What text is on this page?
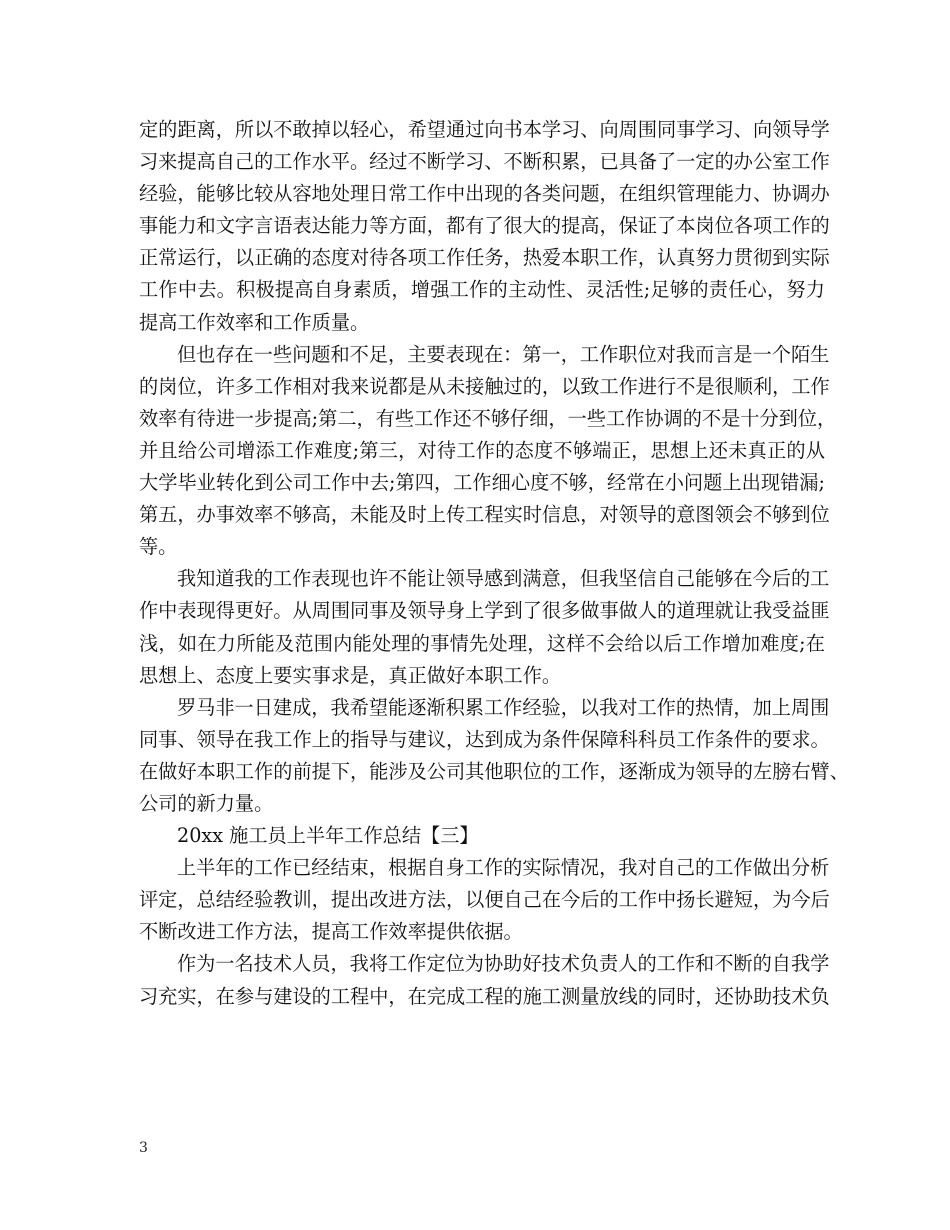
定的距离，所以不敢掉以轻心，希望通过向书本学习、向周围同事学习、向领导学
习来提高自己的工作水平。经过不断学习、不断积累，已具备了一定的办公室工作
经验，能够比较从容地处理日常工作中出现的各类问题，在组织管理能力、协调办
事能力和文字言语表达能力等方面，都有了很大的提高，保证了本岗位各项工作的
正常运行，以正确的态度对待各项工作任务，热爱本职工作，认真努力贯彻到实际
工作中去。积极提高自身素质，增强工作的主动性、灵活性;足够的责任心，努力
提高工作效率和工作质量。
但也存在一些问题和不足，主要表现在：第一，工作职位对我而言是一个陌生
的岗位，许多工作相对我来说都是从未接触过的，以致工作进行不是很顺利，工作
效率有待进一步提高;第二，有些工作还不够仔细，一些工作协调的不是十分到位，
并且给公司增添工作难度;第三，对待工作的态度不够端正，思想上还未真正的从
大学毕业转化到公司工作中去;第四，工作细心度不够，经常在小问题上出现错漏;
第五，办事效率不够高，未能及时上传工程实时信息，对领导的意图领会不够到位
等。
我知道我的工作表现也许不能让领导感到满意，但我坚信自己能够在今后的工
作中表现得更好。从周围同事及领导身上学到了很多做事做人的道理就让我受益匪
浅，如在力所能及范围内能处理的事情先处理，这样不会给以后工作增加难度;在
思想上、态度上要实事求是，真正做好本职工作。
罗马非一日建成，我希望能逐渐积累工作经验，以我对工作的热情，加上周围
同事、领导在我工作上的指导与建议，达到成为条件保障科科员工作条件的要求。
在做好本职工作的前提下，能涉及公司其他职位的工作，逐渐成为领导的左膀右臂、
公司的新力量。
20xx 施工员上半年工作总结【三】
上半年的工作已经结束，根据自身工作的实际情况，我对自己的工作做出分析
评定，总结经验教训，提出改进方法，以便自己在今后的工作中扬长避短，为今后
不断改进工作方法，提高工作效率提供依据。
作为一名技术人员，我将工作定位为协助好技术负责人的工作和不断的自我学
习充实，在参与建设的工程中，在完成工程的施工测量放线的同时，还协助技术负
3
